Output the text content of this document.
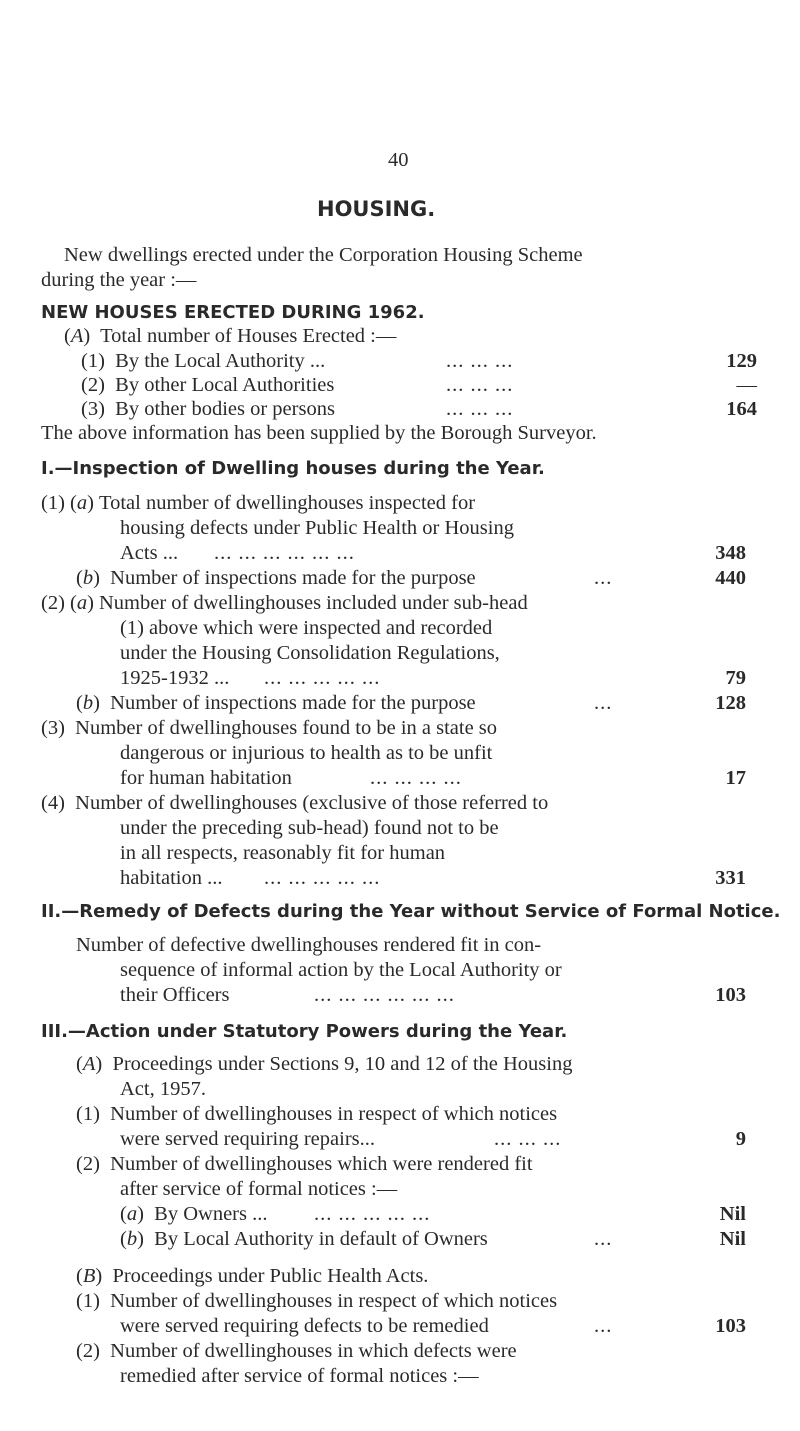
40
HOUSING.
New dwellings erected under the Corporation Housing Scheme
during the year :—
NEW HOUSES ERECTED DURING 1962.
(A)  Total number of Houses Erected :—
(1) By the Local Authority ...	... ... ...	129
(2) By other Local Authorities	... ... ...	—
(3) By other bodies or persons	... ... ...	164
The above information has been supplied by the Borough Surveyor.
I.—Inspection of Dwelling houses during the Year.
(1) (a) Total number of dwellinghouses inspected for
housing defects under Public Health or Housing
Acts ... ... ... ... ... ... ...	348
(b)  Number of inspections made for the purpose	...	440
(2) (a) Number of dwellinghouses included under sub-head
(1) above which were inspected and recorded
under the Housing Consolidation Regulations,
1925-1932 ... ... ... ... ... ...	79
(b)  Number of inspections made for the purpose	...	128
(3)  Number of dwellinghouses found to be in a state so
dangerous or injurious to health as to be unfit
for human habitation	... ... ... ...	17
(4)  Number of dwellinghouses (exclusive of those referred to
under the preceding sub-head) found not to be
in all respects, reasonably fit for human
habitation ... ... ... ... ... ...	331
II.—Remedy of Defects during the Year without Service of Formal Notice.
Number of defective dwellinghouses rendered fit in con-
sequence of informal action by the Local Authority or
their Officers	... ... ... ... ... ...	103
III.—Action under Statutory Powers during the Year.
(A)  Proceedings under Sections 9, 10 and 12 of the Housing
Act, 1957.
(1)  Number of dwellinghouses in respect of which notices
were served requiring repairs...	... ... ...	9
(2)  Number of dwellinghouses which were rendered fit
after service of formal notices :—
(a)  By Owners ... ... ... ... ... ...	Nil
(b)  By Local Authority in default of Owners	...	Nil
(B)  Proceedings under Public Health Acts.
(1)  Number of dwellinghouses in respect of which notices
were served requiring defects to be remedied	...	103
(2)  Number of dwellinghouses in which defects were
remedied after service of formal notices :—
